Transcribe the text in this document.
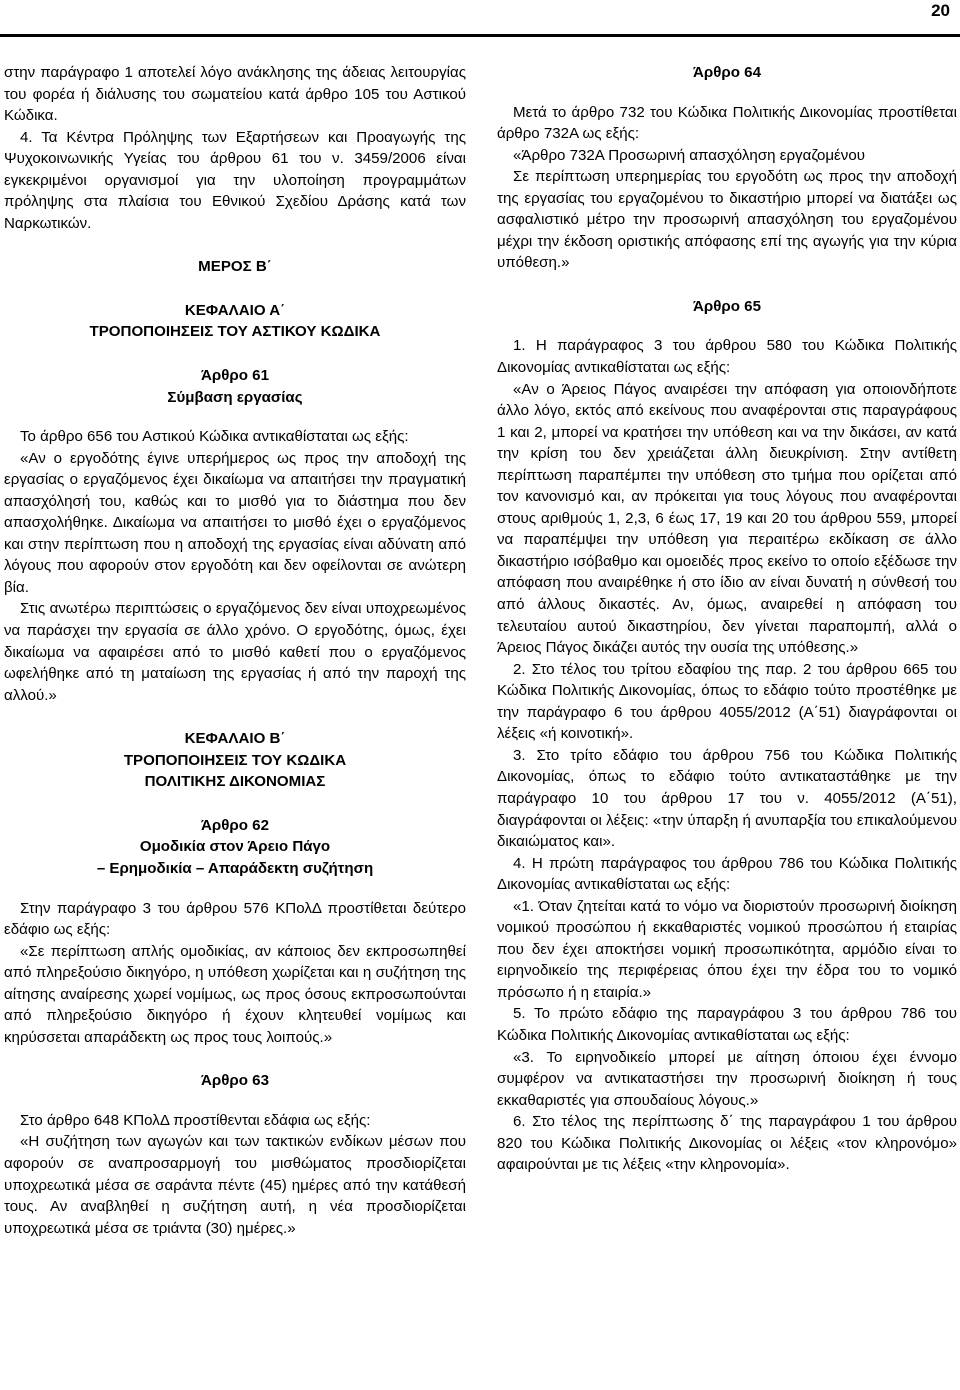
20

στην παράγραφο 1 αποτελεί λόγο ανάκλησης της άδειας λειτουργίας του φορέα ή διάλυσης του σωματείου κατά άρθρο 105 του Αστικού Κώδικα.

4. Τα Κέντρα Πρόληψης των Εξαρτήσεων και Προαγωγής της Ψυχοκοινωνικής Υγείας του άρθρου 61 του ν. 3459/2006 είναι εγκεκριμένοι οργανισμοί για την υλοποίηση προγραμμάτων πρόληψης στα πλαίσια του Εθνικού Σχεδίου Δράσης κατά των Ναρκωτικών.

ΜΕΡΟΣ Β΄

ΚΕΦΑΛΑΙΟ Α΄

ΤΡΟΠΟΠΟΙΗΣΕΙΣ ΤΟΥ ΑΣΤΙΚΟΥ ΚΩΔΙΚΑ

Άρθρο 61

Σύμβαση εργασίας

Το άρθρο 656 του Αστικού Κώδικα αντικαθίσταται ως εξής:

«Αν ο εργοδότης έγινε υπερήμερος ως προς την αποδοχή της εργασίας ο εργαζόμενος έχει δικαίωμα να απαιτήσει την πραγματική απασχόλησή του, καθώς και το μισθό για το διάστημα που δεν απασχολήθηκε. Δικαίωμα να απαιτήσει το μισθό έχει ο εργαζόμενος και στην περίπτωση που η αποδοχή της εργασίας είναι αδύνατη από λόγους που αφορούν στον εργοδότη και δεν οφείλονται σε ανώτερη βία.

Στις ανωτέρω περιπτώσεις ο εργαζόμενος δεν είναι υποχρεωμένος να παράσχει την εργασία σε άλλο χρόνο. Ο εργοδότης, όμως, έχει δικαίωμα να αφαιρέσει από το μισθό καθετί που ο εργαζόμενος ωφελήθηκε από τη ματαίωση της εργασίας ή από την παροχή της αλλού.»

ΚΕΦΑΛΑΙΟ Β΄

ΤΡΟΠΟΠΟΙΗΣΕΙΣ ΤΟΥ ΚΩΔΙΚΑ

ΠΟΛΙΤΙΚΗΣ ΔΙΚΟΝΟΜΙΑΣ

Άρθρο 62

Ομοδικία στον Άρειο Πάγο

– Ερημοδικία – Απαράδεκτη συζήτηση

Στην παράγραφο 3 του άρθρου 576 ΚΠολΔ προστίθεται δεύτερο εδάφιο ως εξής:

«Σε περίπτωση απλής ομοδικίας, αν κάποιος δεν εκπροσωπηθεί από πληρεξούσιο δικηγόρο, η υπόθεση χωρίζεται και η συζήτηση της αίτησης αναίρεσης χωρεί νομίμως, ως προς όσους εκπροσωπούνται από πληρεξούσιο δικηγόρο ή έχουν κλητευθεί νομίμως και κηρύσσεται απαράδεκτη ως προς τους λοιπούς.»

Άρθρο 63

Στο άρθρο 648 ΚΠολΔ προστίθενται εδάφια ως εξής:

«Η συζήτηση των αγωγών και των τακτικών ενδίκων μέσων που αφορούν σε αναπροσαρμογή του μισθώματος προσδιορίζεται υποχρεωτικά μέσα σε σαράντα πέντε (45) ημέρες από την κατάθεσή τους. Αν αναβληθεί η συζήτηση αυτή, η νέα προσδιορίζεται υποχρεωτικά μέσα σε τριάντα (30) ημέρες.»

Άρθρο 64

Μετά το άρθρο 732 του Κώδικα Πολιτικής Δικονομίας προστίθεται άρθρο 732Α ως εξής:

«Άρθρο 732Α Προσωρινή απασχόληση εργαζομένου

Σε περίπτωση υπερημερίας του εργοδότη ως προς την αποδοχή της εργασίας του εργαζομένου το δικαστήριο μπορεί να διατάξει ως ασφαλιστικό μέτρο την προσωρινή απασχόληση του εργαζομένου μέχρι την έκδοση οριστικής απόφασης επί της αγωγής για την κύρια υπόθεση.»

Άρθρο 65

1. Η παράγραφος 3 του άρθρου 580 του Κώδικα Πολιτικής Δικονομίας αντικαθίσταται ως εξής:

«Αν ο Άρειος Πάγος αναιρέσει την απόφαση για οποιονδήποτε άλλο λόγο, εκτός από εκείνους που αναφέρονται στις παραγράφους 1 και 2, μπορεί να κρατήσει την υπόθεση και να την δικάσει, αν κατά την κρίση του δεν χρειάζεται άλλη διευκρίνιση. Στην αντίθετη περίπτωση παραπέμπει την υπόθεση στο τμήμα που ορίζεται από τον κανονισμό και, αν πρόκειται για τους λόγους που αναφέρονται στους αριθμούς 1, 2,3, 6 έως 17, 19 και 20 του άρθρου 559, μπορεί να παραπέμψει την υπόθεση για περαιτέρω εκδίκαση σε άλλο δικαστήριο ισόβαθμο και ομοειδές προς εκείνο το οποίο εξέδωσε την απόφαση που αναιρέθηκε ή στο ίδιο αν είναι δυνατή η σύνθεσή του από άλλους δικαστές. Αν, όμως, αναιρεθεί η απόφαση του τελευταίου αυτού δικαστηρίου, δεν γίνεται παραπομπή, αλλά ο Άρειος Πάγος δικάζει αυτός την ουσία της υπόθεσης.»

2. Στο τέλος του τρίτου εδαφίου της παρ. 2 του άρθρου 665 του Κώδικα Πολιτικής Δικονομίας, όπως το εδάφιο τούτο προστέθηκε με την παράγραφο 6 του άρθρου 4055/2012 (Α΄51) διαγράφονται οι λέξεις «ή κοινοτική».

3. Στο τρίτο εδάφιο του άρθρου 756 του Κώδικα Πολιτικής Δικονομίας, όπως το εδάφιο τούτο αντικαταστάθηκε με την παράγραφο 10 του άρθρου 17 του ν. 4055/2012 (Α΄51), διαγράφονται οι λέξεις: «την ύπαρξη ή ανυπαρξία του επικαλούμενου δικαιώματος και».

4. Η πρώτη παράγραφος του άρθρου 786 του Κώδικα Πολιτικής Δικονομίας αντικαθίσταται ως εξής:

«1. Όταν ζητείται κατά το νόμο να διοριστούν προσωρινή διοίκηση νομικού προσώπου ή εκκαθαριστές νομικού προσώπου ή εταιρίας που δεν έχει αποκτήσει νομική προσωπικότητα, αρμόδιο είναι το ειρηνοδικείο της περιφέρειας όπου έχει την έδρα του το νομικό πρόσωπο ή η εταιρία.»

5. Το πρώτο εδάφιο της παραγράφου 3 του άρθρου 786 του Κώδικα Πολιτικής Δικονομίας αντικαθίσταται ως εξής:

«3. Το ειρηνοδικείο μπορεί με αίτηση όποιου έχει έννομο συμφέρον να αντικαταστήσει την προσωρινή διοίκηση ή τους εκκαθαριστές για σπουδαίους λόγους.»

6. Στο τέλος της περίπτωσης δ΄ της παραγράφου 1 του άρθρου 820 του Κώδικα Πολιτικής Δικονομίας οι λέξεις «τον κληρονόμο» αφαιρούνται με τις λέξεις «την κληρονομία».
